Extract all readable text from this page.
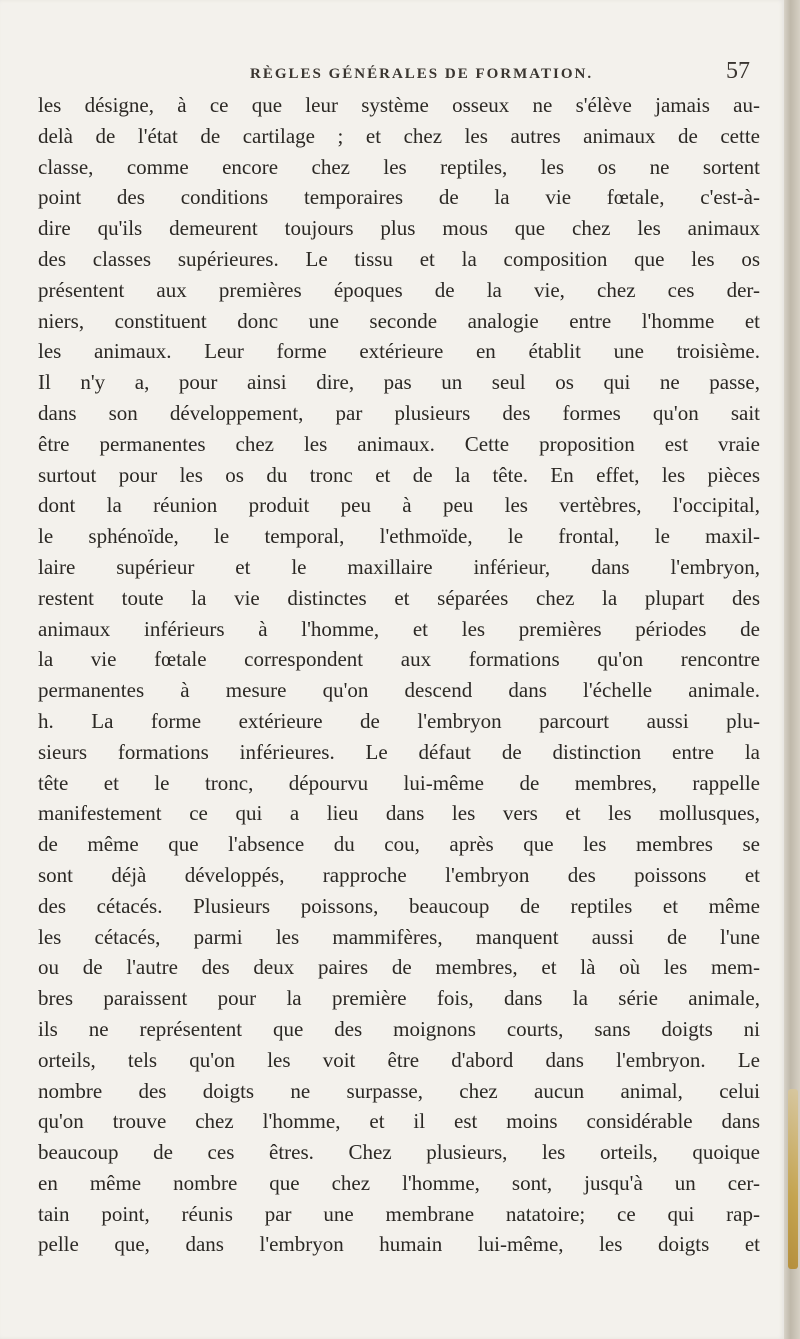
RÈGLES GÉNÉRALES DE FORMATION.	57
les désigne, à ce que leur système osseux ne s'élève jamais au-
delà de l'état de cartilage ; et chez les autres animaux de cette
classe, comme encore chez les reptiles, les os ne sortent
point des conditions temporaires de la vie fœtale, c'est-à-
dire qu'ils demeurent toujours plus mous que chez les animaux
des classes supérieures. Le tissu et la composition que les os
présentent aux premières époques de la vie, chez ces der-
niers, constituent donc une seconde analogie entre l'homme et
les animaux. Leur forme extérieure en établit une troisième.
Il n'y a, pour ainsi dire, pas un seul os qui ne passe,
dans son développement, par plusieurs des formes qu'on sait
être permanentes chez les animaux. Cette proposition est vraie
surtout pour les os du tronc et de la tête. En effet, les pièces
dont la réunion produit peu à peu les vertèbres, l'occipital,
le sphénoïde, le temporal, l'ethmoïde, le frontal, le maxil-
laire supérieur et le maxillaire inférieur, dans l'embryon,
restent toute la vie distinctes et séparées chez la plupart des
animaux inférieurs à l'homme, et les premières périodes de
la vie fœtale correspondent aux formations qu'on rencontre
permanentes à mesure qu'on descend dans l'échelle animale.
h. La forme extérieure de l'embryon parcourt aussi plu-
sieurs formations inférieures. Le défaut de distinction entre la
tête et le tronc, dépourvu lui-même de membres, rappelle
manifestement ce qui a lieu dans les vers et les mollusques,
de même que l'absence du cou, après que les membres se
sont déjà développés, rapproche l'embryon des poissons et
des cétacés. Plusieurs poissons, beaucoup de reptiles et même
les cétacés, parmi les mammifères, manquent aussi de l'une
ou de l'autre des deux paires de membres, et là où les mem-
bres paraissent pour la première fois, dans la série animale,
ils ne représentent que des moignons courts, sans doigts ni
orteils, tels qu'on les voit être d'abord dans l'embryon. Le
nombre des doigts ne surpasse, chez aucun animal, celui
qu'on trouve chez l'homme, et il est moins considérable dans
beaucoup de ces êtres. Chez plusieurs, les orteils, quoique
en même nombre que chez l'homme, sont, jusqu'à un cer-
tain point, réunis par une membrane natatoire; ce qui rap-
pelle que, dans l'embryon humain lui-même, les doigts et
